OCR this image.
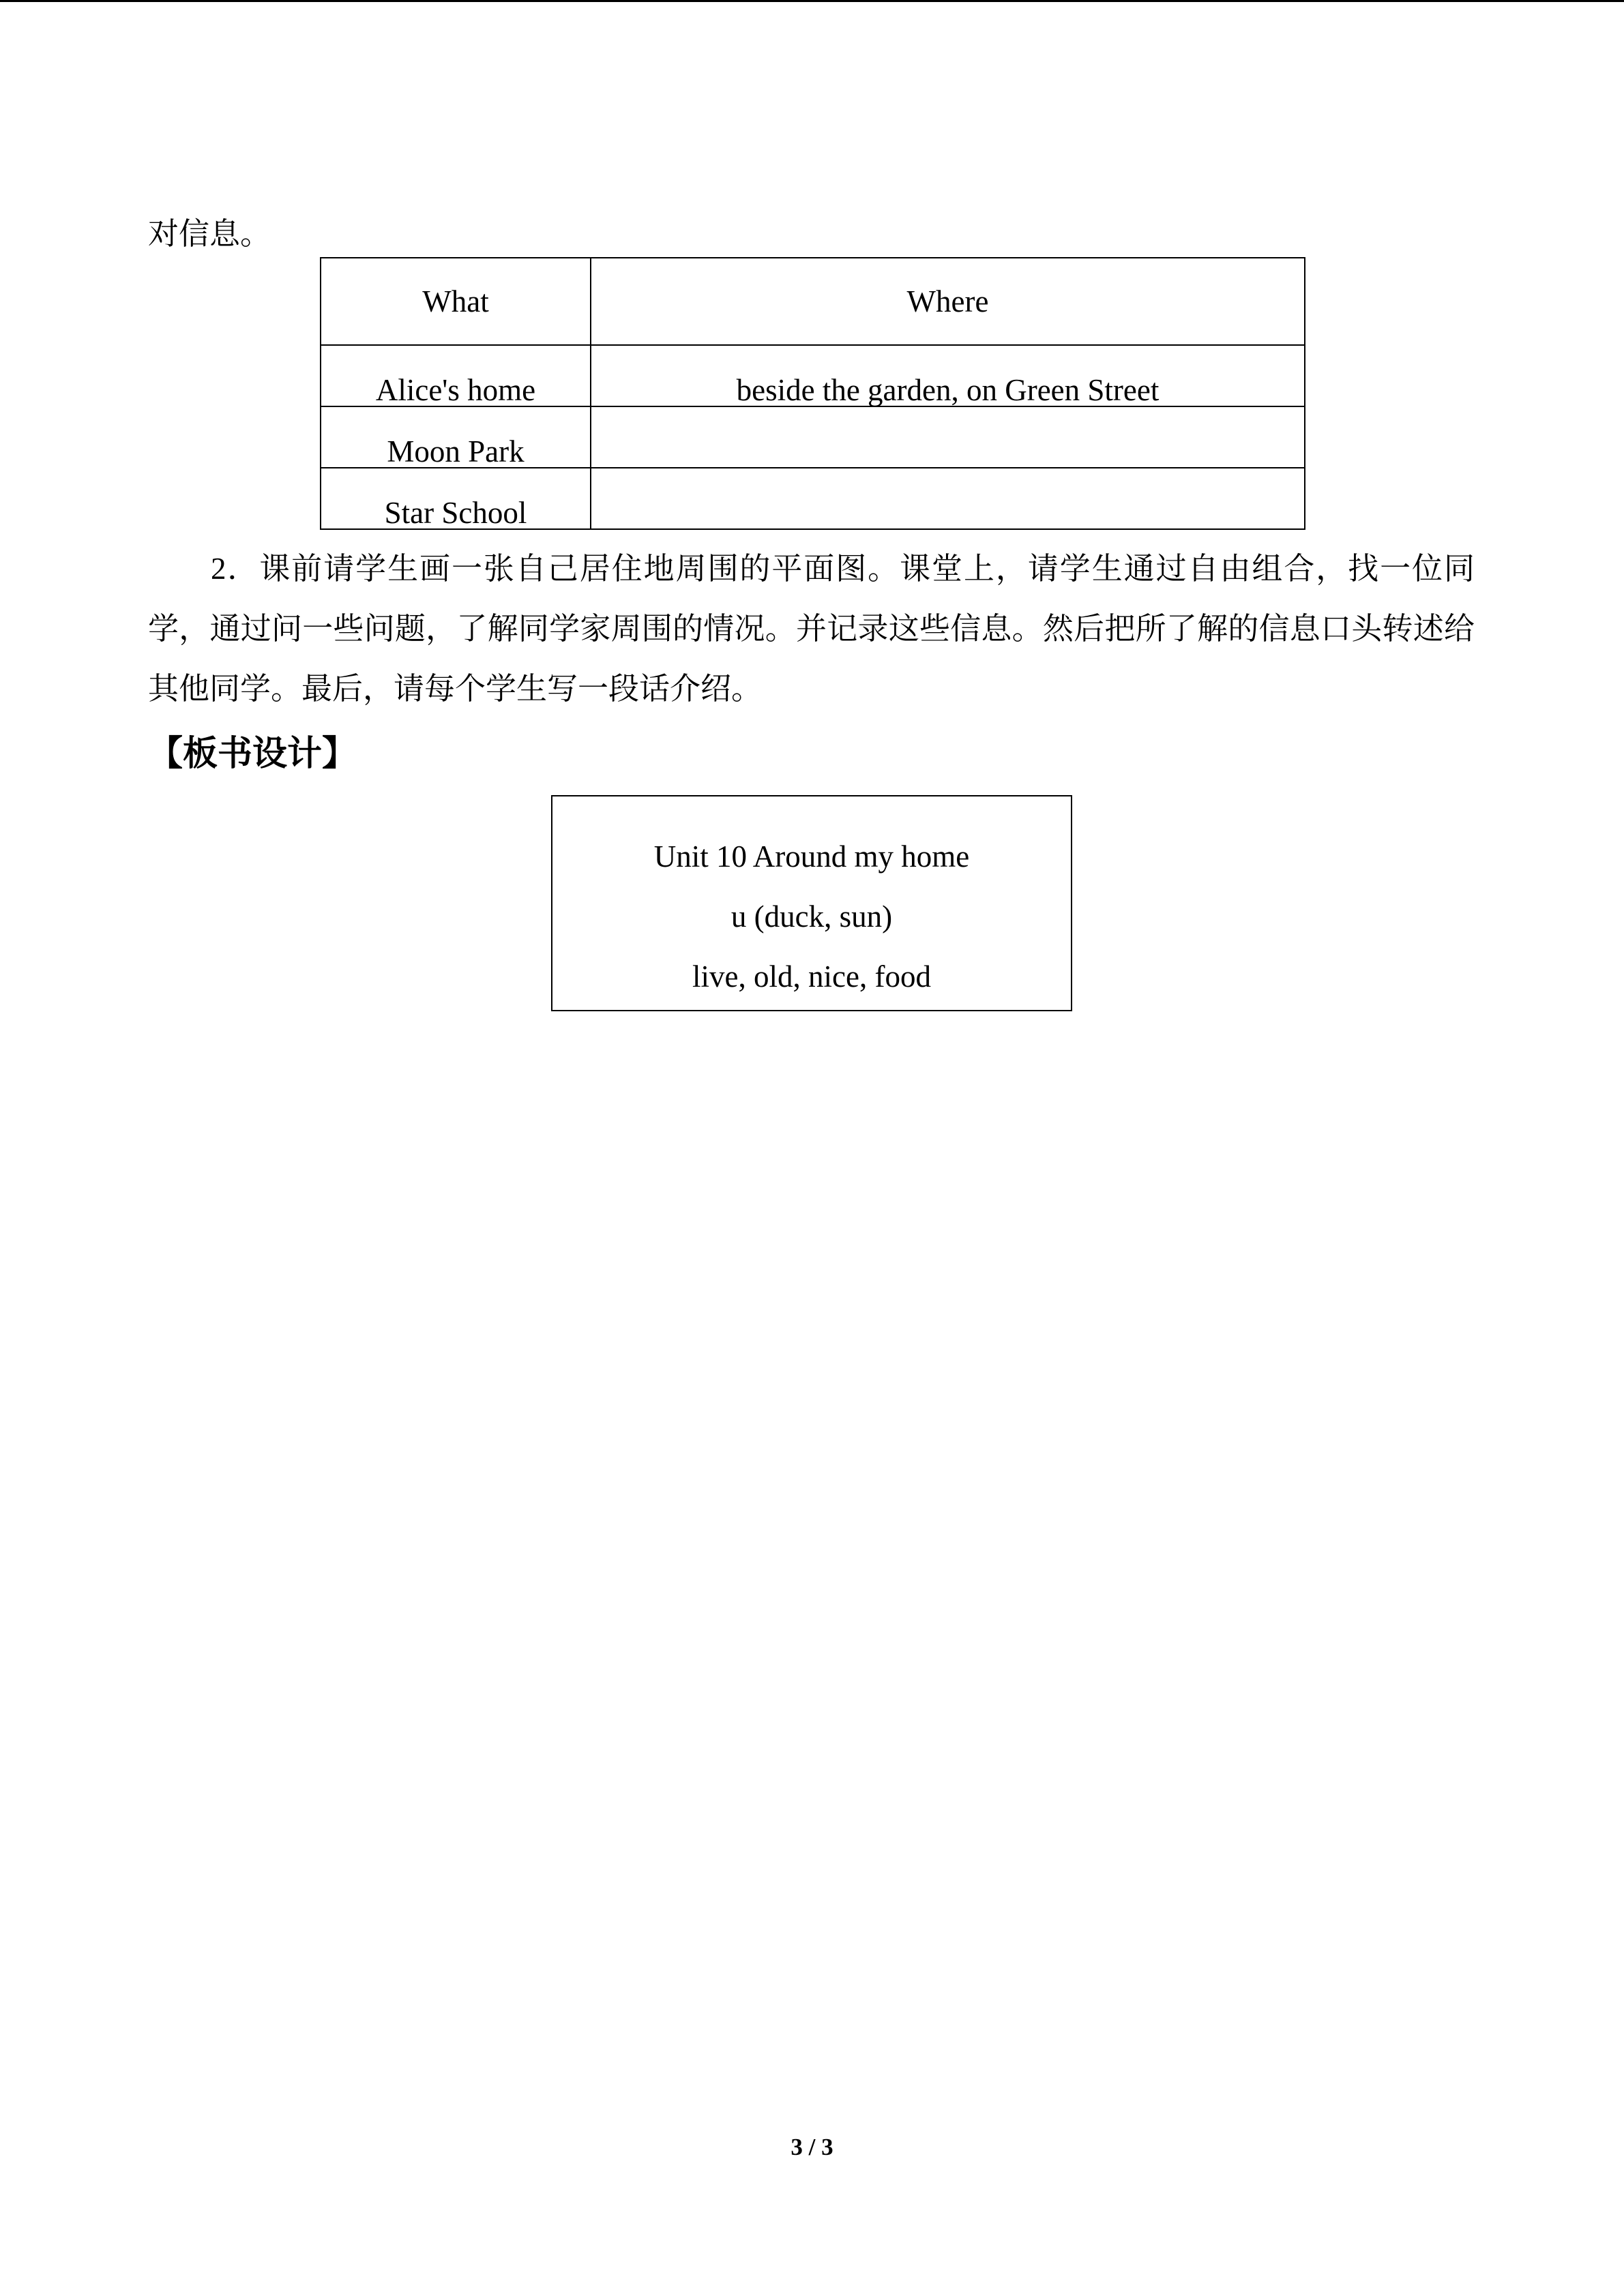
对信息。

What	Where
Alice's home	beside the garden, on Green Street
Moon Park	
Star School	

2．课前请学生画一张自己居住地周围的平面图。课堂上，请学生通过自由组合，找一位同学，通过问一些问题，了解同学家周围的情况。并记录这些信息。然后把所了解的信息口头转述给其他同学。最后，请每个学生写一段话介绍。

【板书设计】
Unit 10 Around my home
u (duck, sun)
live, old, nice, food
3 / 3
